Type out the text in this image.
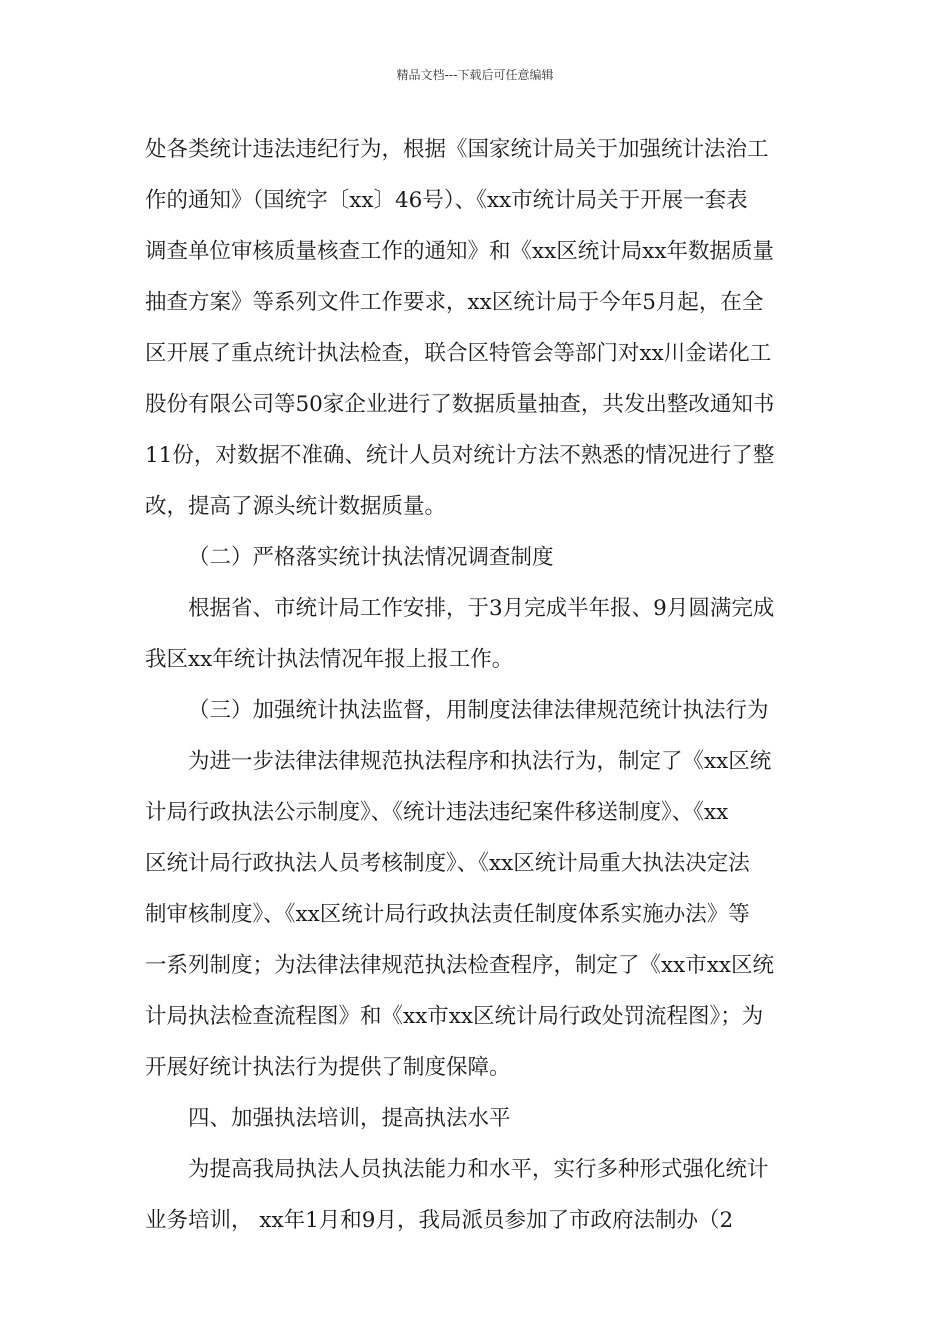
精品文档---下载后可任意编辑
处各类统计违法违纪行为，根据《国家统计局关于加强统计法治工
作的通知》（国统字〔xx〕46号）、《xx市统计局关于开展一套表
调查单位审核质量核查工作的通知》和《xx区统计局xx年数据质量
抽查方案》等系列文件工作要求，xx区统计局于今年5月起，在全
区开展了重点统计执法检查，联合区特管会等部门对xx川金诺化工
股份有限公司等50家企业进行了数据质量抽查，共发出整改通知书
11份，对数据不准确、统计人员对统计方法不熟悉的情况进行了整
改，提高了源头统计数据质量。
（二）严格落实统计执法情况调查制度
根据省、市统计局工作安排，于3月完成半年报、9月圆满完成
我区xx年统计执法情况年报上报工作。
（三）加强统计执法监督，用制度法律法律规范统计执法行为
为进一步法律法律规范执法程序和执法行为，制定了《xx区统
计局行政执法公示制度》、《统计违法违纪案件移送制度》、《xx
区统计局行政执法人员考核制度》、《xx区统计局重大执法决定法
制审核制度》、《xx区统计局行政执法责任制度体系实施办法》等
一系列制度；为法律法律规范执法检查程序，制定了《xx市xx区统
计局执法检查流程图》和《xx市xx区统计局行政处罚流程图》；为
开展好统计执法行为提供了制度保障。
四、加强执法培训，提高执法水平
为提高我局执法人员执法能力和水平，实行多种形式强化统计
业务培训， xx年1月和9月，我局派员参加了市政府法制办（2
